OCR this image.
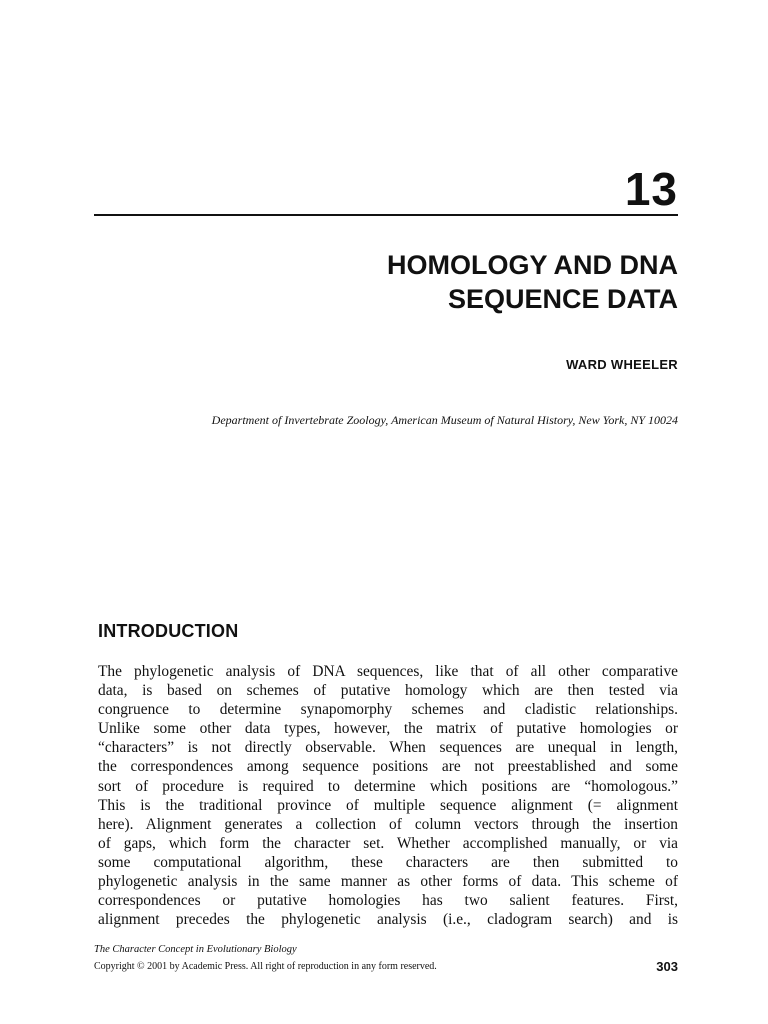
13
HOMOLOGY AND DNA
SEQUENCE DATA
WARD WHEELER
Department of Invertebrate Zoology, American Museum of Natural History, New York, NY 10024
INTRODUCTION
The phylogenetic analysis of DNA sequences, like that of all other comparative
data, is based on schemes of putative homology which are then tested via
congruence to determine synapomorphy schemes and cladistic relationships.
Unlike some other data types, however, the matrix of putative homologies or
“characters” is not directly observable. When sequences are unequal in length,
the correspondences among sequence positions are not preestablished and some
sort of procedure is required to determine which positions are “homologous.”
This is the traditional province of multiple sequence alignment (= alignment
here). Alignment generates a collection of column vectors through the insertion
of gaps, which form the character set. Whether accomplished manually, or via
some computational algorithm, these characters are then submitted to
phylogenetic analysis in the same manner as other forms of data. This scheme of
correspondences or putative homologies has two salient features. First,
alignment precedes the phylogenetic analysis (i.e., cladogram search) and is
The Character Concept in Evolutionary Biology
Copyright © 2001 by Academic Press. All right of reproduction in any form reserved.	303
